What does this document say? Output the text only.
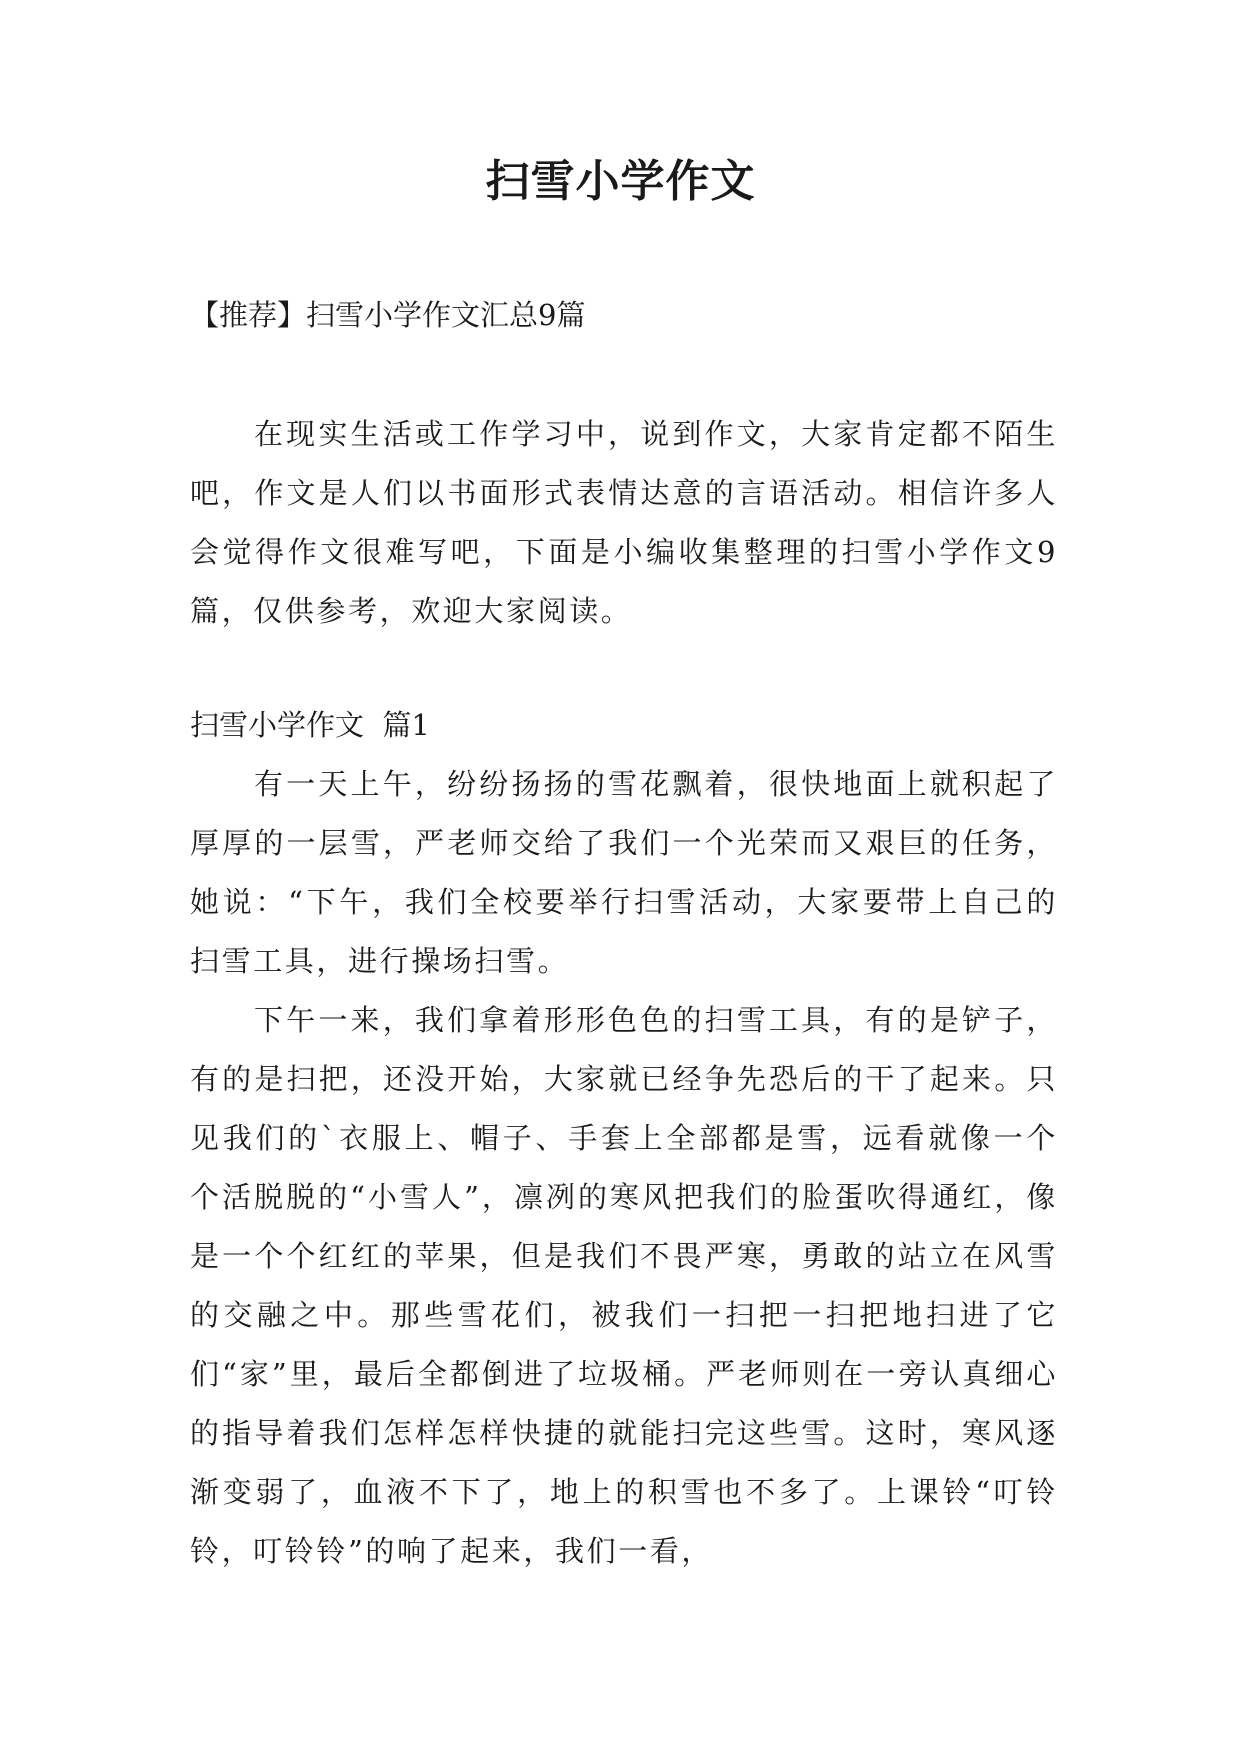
扫雪小学作文

【推荐】扫雪小学作文汇总9篇

在现实生活或工作学习中，说到作文，大家肯定都不陌生吧，作文是人们以书面形式表情达意的言语活动。相信许多人会觉得作文很难写吧，下面是小编收集整理的扫雪小学作文9篇，仅供参考，欢迎大家阅读。

扫雪小学作文  篇1

有一天上午，纷纷扬扬的雪花飘着，很快地面上就积起了厚厚的一层雪，严老师交给了我们一个光荣而又艰巨的任务，她说：“下午，我们全校要举行扫雪活动，大家要带上自己的扫雪工具，进行操场扫雪。

下午一来，我们拿着形形色色的扫雪工具，有的是铲子，有的是扫把，还没开始，大家就已经争先恐后的干了起来。只见我们的`衣服上、帽子、手套上全部都是雪，远看就像一个个活脱脱的“小雪人”，凛冽的寒风把我们的脸蛋吹得通红，像是一个个红红的苹果，但是我们不畏严寒，勇敢的站立在风雪的交融之中。那些雪花们，被我们一扫把一扫把地扫进了它们“家”里，最后全都倒进了垃圾桶。严老师则在一旁认真细心的指导着我们怎样怎样快捷的就能扫完这些雪。这时，寒风逐渐变弱了，血液不下了，地上的积雪也不多了。上课铃“叮铃铃，叮铃铃”的响了起来，我们一看，
